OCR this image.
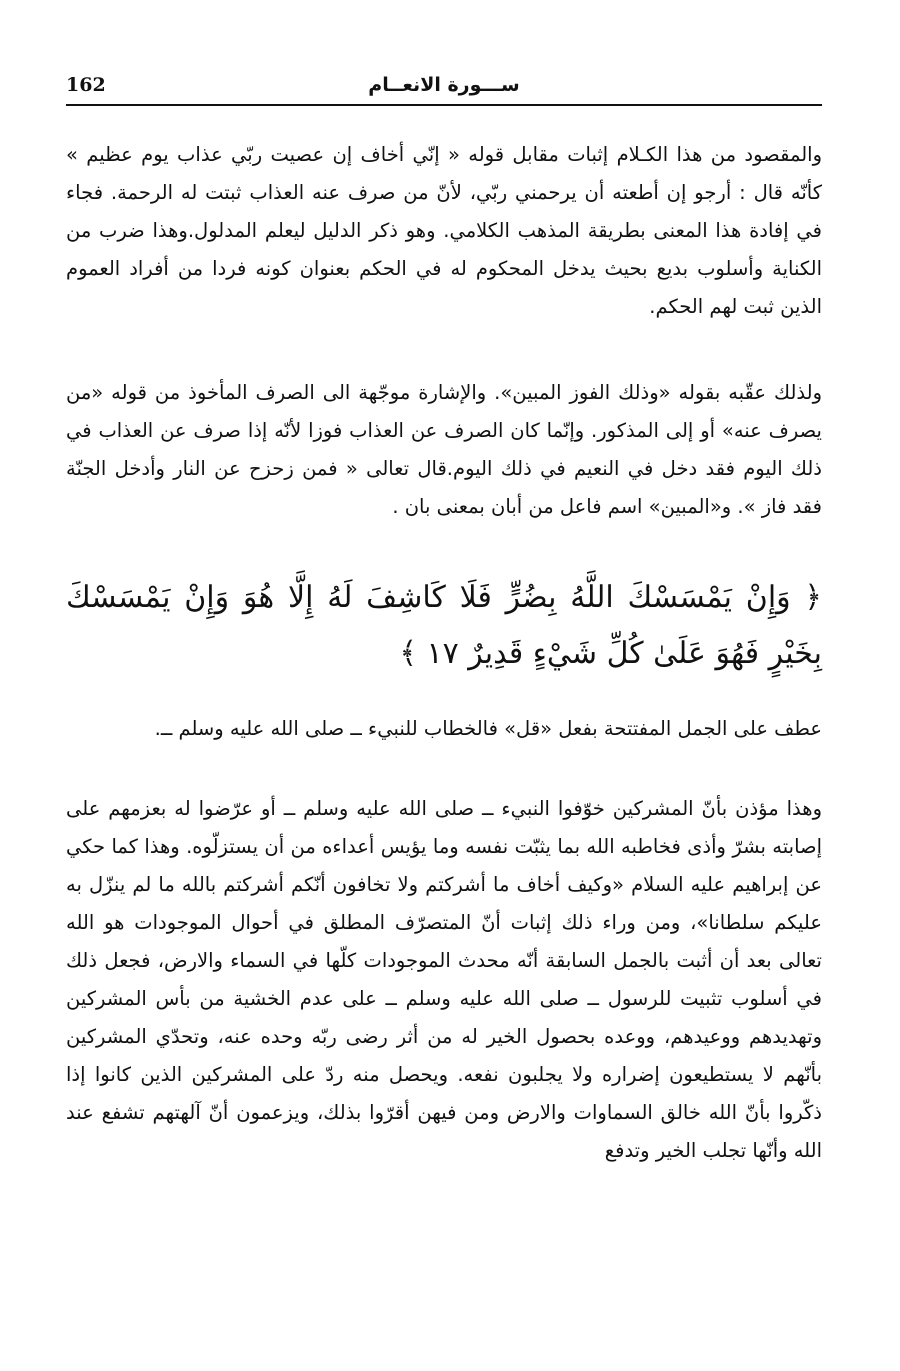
162	ســـورة الانعــام

والمقصود من هذا الكـلام إثبات مقابل قوله « إنّي أخاف إن عصيت ربّي عذاب يوم عظيم » كأنّه قال : أرجو إن أطعته أن يرحمني ربّي، لأنّ من صرف عنه العذاب ثبتت له الرحمة. فجاء في إفادة هذا المعنى بطريقة المذهب الكلامي. وهو ذكر الدليل ليعلم المدلول.وهذا ضرب من الكناية وأسلوب بديع بحيث يدخل المحكوم له في الحكم بعنوان كونه فردا من أفراد العموم الذين ثبت لهم الحكم.

ولذلك عقّبه بقوله «وذلك الفوز المبين». والإشارة موجّهة الى الصرف المأخوذ من قوله «من يصرف عنه» أو إلى المذكور. وإنّما كان الصرف عن العذاب فوزا لأنّه إذا صرف عن العذاب في ذلك اليوم فقد دخل في النعيم في ذلك اليوم.قال تعالى « فمن زحزح عن النار وأدخل الجنّة فقد فاز ». و«المبين» اسم فاعل من أبان بمعنى بان .

﴿ وَإِنْ يَمْسَسْكَ اللَّهُ بِضُرٍّ فَلَا كَاشِفَ لَهُ إِلَّا هُوَ وَإِنْ يَمْسَسْكَ بِخَيْرٍ فَهُوَ عَلَىٰ كُلِّ شَيْءٍ قَدِيرٌ ١٧ ﴾

عطف على الجمل المفتتحة بفعل «قل» فالخطاب للنبيء ــ صلى الله عليه وسلم ــ.

وهذا مؤذن بأنّ المشركين خوّفوا النبيء ــ صلى الله عليه وسلم ــ أو عرّضوا له بعزمهم على إصابته بشرّ وأذى فخاطبه الله بما يثبّت نفسه وما يؤيس أعداءه من أن يستزلّوه. وهذا كما حكي عن إبراهيم عليه السلام «وكيف أخاف ما أشركتم ولا تخافون أنّكم أشركتم بالله ما لم ينزّل به عليكم سلطانا»، ومن وراء ذلك إثبات أنّ المتصرّف المطلق في أحوال الموجودات هو الله تعالى بعد أن أثبت بالجمل السابقة أنّه محدث الموجودات كلّها في السماء والارض، فجعل ذلك في أسلوب تثبيت للرسول ــ صلى الله عليه وسلم ــ على عدم الخشية من بأس المشركين وتهديدهم ووعيدهم، ووعده بحصول الخير له من أثر رضى ربّه وحده عنه، وتحدّي المشركين بأنّهم لا يستطيعون إضراره ولا يجلبون نفعه. ويحصل منه ردّ على المشركين الذين كانوا إذا ذكّروا بأنّ الله خالق السماوات والارض ومن فيهن أقرّوا بذلك، ويزعمون أنّ آلهتهم تشفع عند الله وأنّها تجلب الخير وتدفع
